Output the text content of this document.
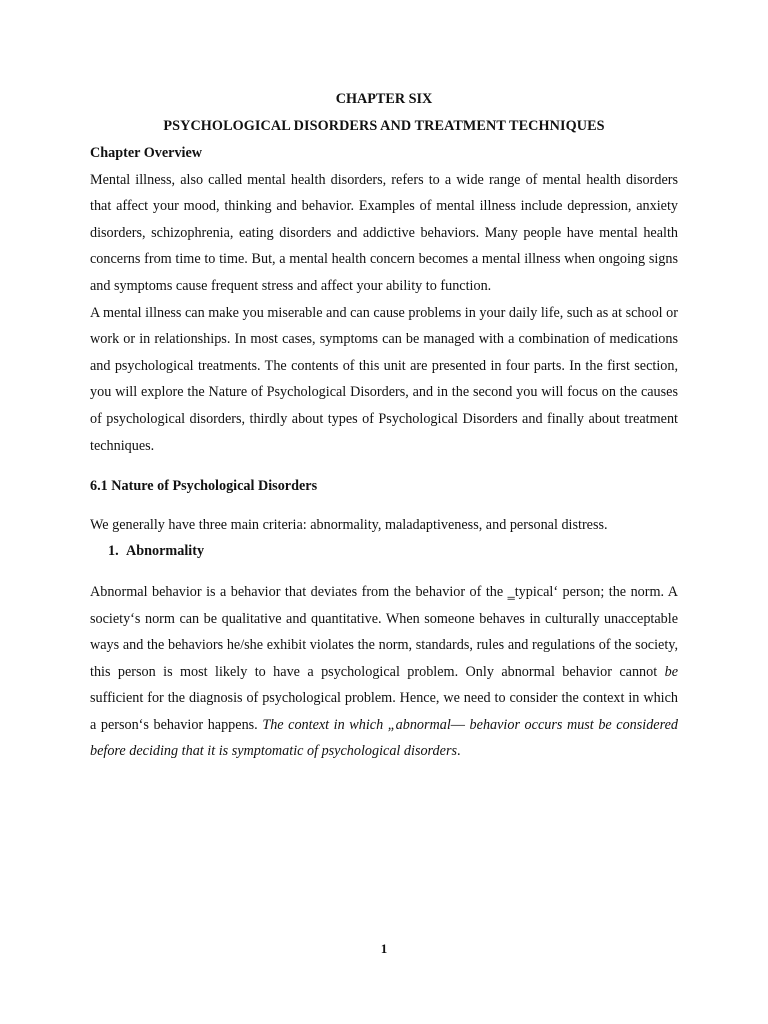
CHAPTER SIX

PSYCHOLOGICAL DISORDERS AND TREATMENT TECHNIQUES

Chapter Overview

Mental illness, also called mental health disorders, refers to a wide range of mental health disorders that affect your mood, thinking and behavior. Examples of mental illness include depression, anxiety disorders, schizophrenia, eating disorders and addictive behaviors. Many people have mental health concerns from time to time. But, a mental health concern becomes a mental illness when ongoing signs and symptoms cause frequent stress and affect your ability to function.

A mental illness can make you miserable and can cause problems in your daily life, such as at school or work or in relationships. In most cases, symptoms can be managed with a combination of medications and psychological treatments. The contents of this unit are presented in four parts. In the first section, you will explore the Nature of Psychological Disorders, and in the second you will focus on the causes of psychological disorders, thirdly about types of Psychological Disorders and finally about treatment techniques.

6.1 Nature of Psychological Disorders

We generally have three main criteria: abnormality, maladaptiveness, and personal distress.

1. Abnormality

Abnormal behavior is a behavior that deviates from the behavior of the ‗typical‘ person; the norm. A society‘s norm can be qualitative and quantitative. When someone behaves in culturally unacceptable ways and the behaviors he/she exhibit violates the norm, standards, rules and regulations of the society, this person is most likely to have a psychological problem. Only abnormal behavior cannot be sufficient for the diagnosis of psychological problem. Hence, we need to consider the context in which a person‘s behavior happens. The context in which „abnormal― behavior occurs must be considered before deciding that it is symptomatic of psychological disorders.

1
